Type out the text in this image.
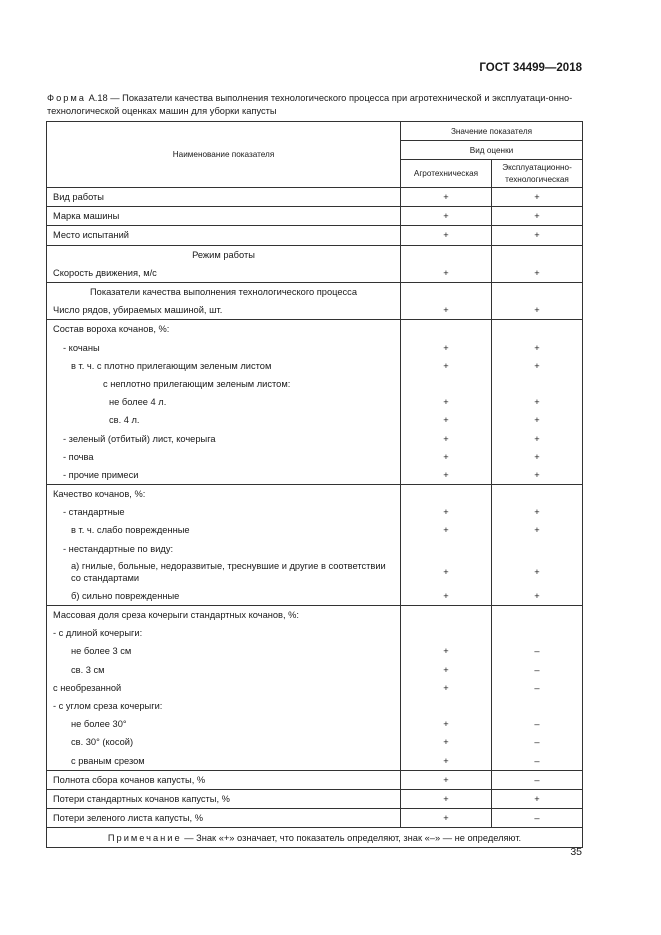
ГОСТ 34499—2018
Форма А.18 — Показатели качества выполнения технологического процесса при агротехнической и эксплуатаци-онно-технологической оценках машин для уборки капусты
Наименование показателя	Значение показателя	
	Вид оценки	
	Агротехническая	Эксплуатационно-технологическая
Вид работы	+	+
Марка машины	+	+
Место испытаний	+	+
Режим работы		
Скорость движения, м/с	+	+
Показатели качества выполнения технологического процесса		
Число рядов, убираемых машиной, шт.	+	+
Состав вороха кочанов, %:		
- кочаны	+	+
в т. ч. с плотно прилегающим зеленым листом	+	+
с неплотно прилегающим зеленым листом:		
не более 4 л.	+	+
св. 4 л.	+	+
- зеленый (отбитый) лист, кочерыга	+	+
- почва	+	+
- прочие примеси	+	+
Качество кочанов, %:		
- стандартные	+	+
в т. ч. слабо поврежденные	+	+
- нестандартные по виду:		
а) гнилые, больные, недоразвитые, треснувшие и другие в соответствии со стандартами	+	+
б) сильно поврежденные	+	+
Массовая доля среза кочерыги стандартных кочанов, %:		
- с длиной кочерыги:		
не более 3 см	+	–
св. 3 см	+	–
с необрезанной	+	–
- с углом среза кочерыги:		
не более 30°	+	–
св. 30° (косой)	+	–
с рваным срезом	+	–
Полнота сбора кочанов капусты, %	+	–
Потери стандартных кочанов капусты, %	+	+
Потери зеленого листа капусты, %	+	–
Примечание — Знак «+» означает, что показатель определяют, знак «–» — не определяют.		
35
